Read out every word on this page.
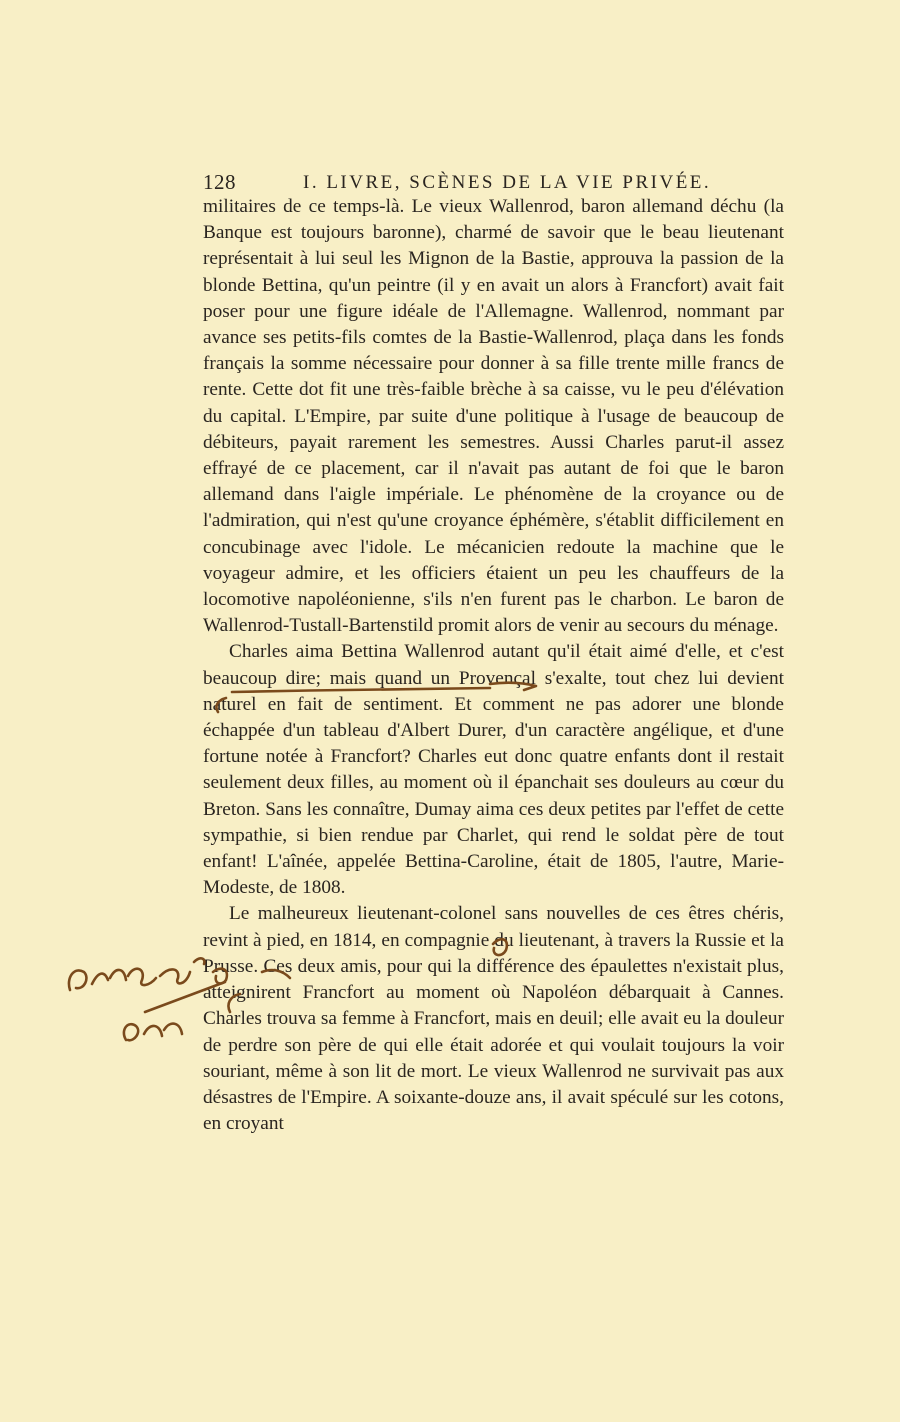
128	I. LIVRE, SCÈNES DE LA VIE PRIVÉE.

militaires de ce temps-là. Le vieux Wallenrod, baron allemand déchu (la Banque est toujours baronne), charmé de savoir que le beau lieutenant représentait à lui seul les Mignon de la Bastie, approuva la passion de la blonde Bettina, qu'un peintre (il y en avait un alors à Francfort) avait fait poser pour une figure idéale de l'Allemagne. Wallenrod, nommant par avance ses petits-fils comtes de la Bastie-Wallenrod, plaça dans les fonds français la somme nécessaire pour donner à sa fille trente mille francs de rente. Cette dot fit une très-faible brèche à sa caisse, vu le peu d'élévation du capital. L'Empire, par suite d'une politique à l'usage de beaucoup de débiteurs, payait rarement les semestres. Aussi Charles parut-il assez effrayé de ce placement, car il n'avait pas autant de foi que le baron allemand dans l'aigle impériale. Le phénomène de la croyance ou de l'admiration, qui n'est qu'une croyance éphémère, s'établit difficilement en concubinage avec l'idole. Le mécanicien redoute la machine que le voyageur admire, et les officiers étaient un peu les chauffeurs de la locomotive napoléonienne, s'ils n'en furent pas le charbon. Le baron de Wallenrod-Tustall-Bartenstild promit alors de venir au secours du ménage.

Charles aima Bettina Wallenrod autant qu'il était aimé d'elle, et c'est beaucoup dire; mais quand un Provençal s'exalte, tout chez lui devient naturel en fait de sentiment. Et comment ne pas adorer une blonde échappée d'un tableau d'Albert Durer, d'un caractère angélique, et d'une fortune notée à Francfort? Charles eut donc quatre enfants dont il restait seulement deux filles, au moment où il épanchait ses douleurs au cœur du Breton. Sans les connaître, Dumay aima ces deux petites par l'effet de cette sympathie, si bien rendue par Charlet, qui rend le soldat père de tout enfant! L'aînée, appelée Bettina-Caroline, était de 1805, l'autre, Marie-Modeste, de 1808.

Le malheureux lieutenant-colonel sans nouvelles de ces êtres chéris, revint à pied, en 1814, en compagnie du lieutenant, à travers la Russie et la Prusse. Ces deux amis, pour qui la différence des épaulettes n'existait plus, atteignirent Francfort au moment où Napoléon débarquait à Cannes. Charles trouva sa femme à Francfort, mais en deuil; elle avait eu la douleur de perdre son père de qui elle était adorée et qui voulait toujours la voir souriant, même à son lit de mort. Le vieux Wallenrod ne survivait pas aux désastres de l'Empire. A soixante-douze ans, il avait spéculé sur les cotons, en croyant
